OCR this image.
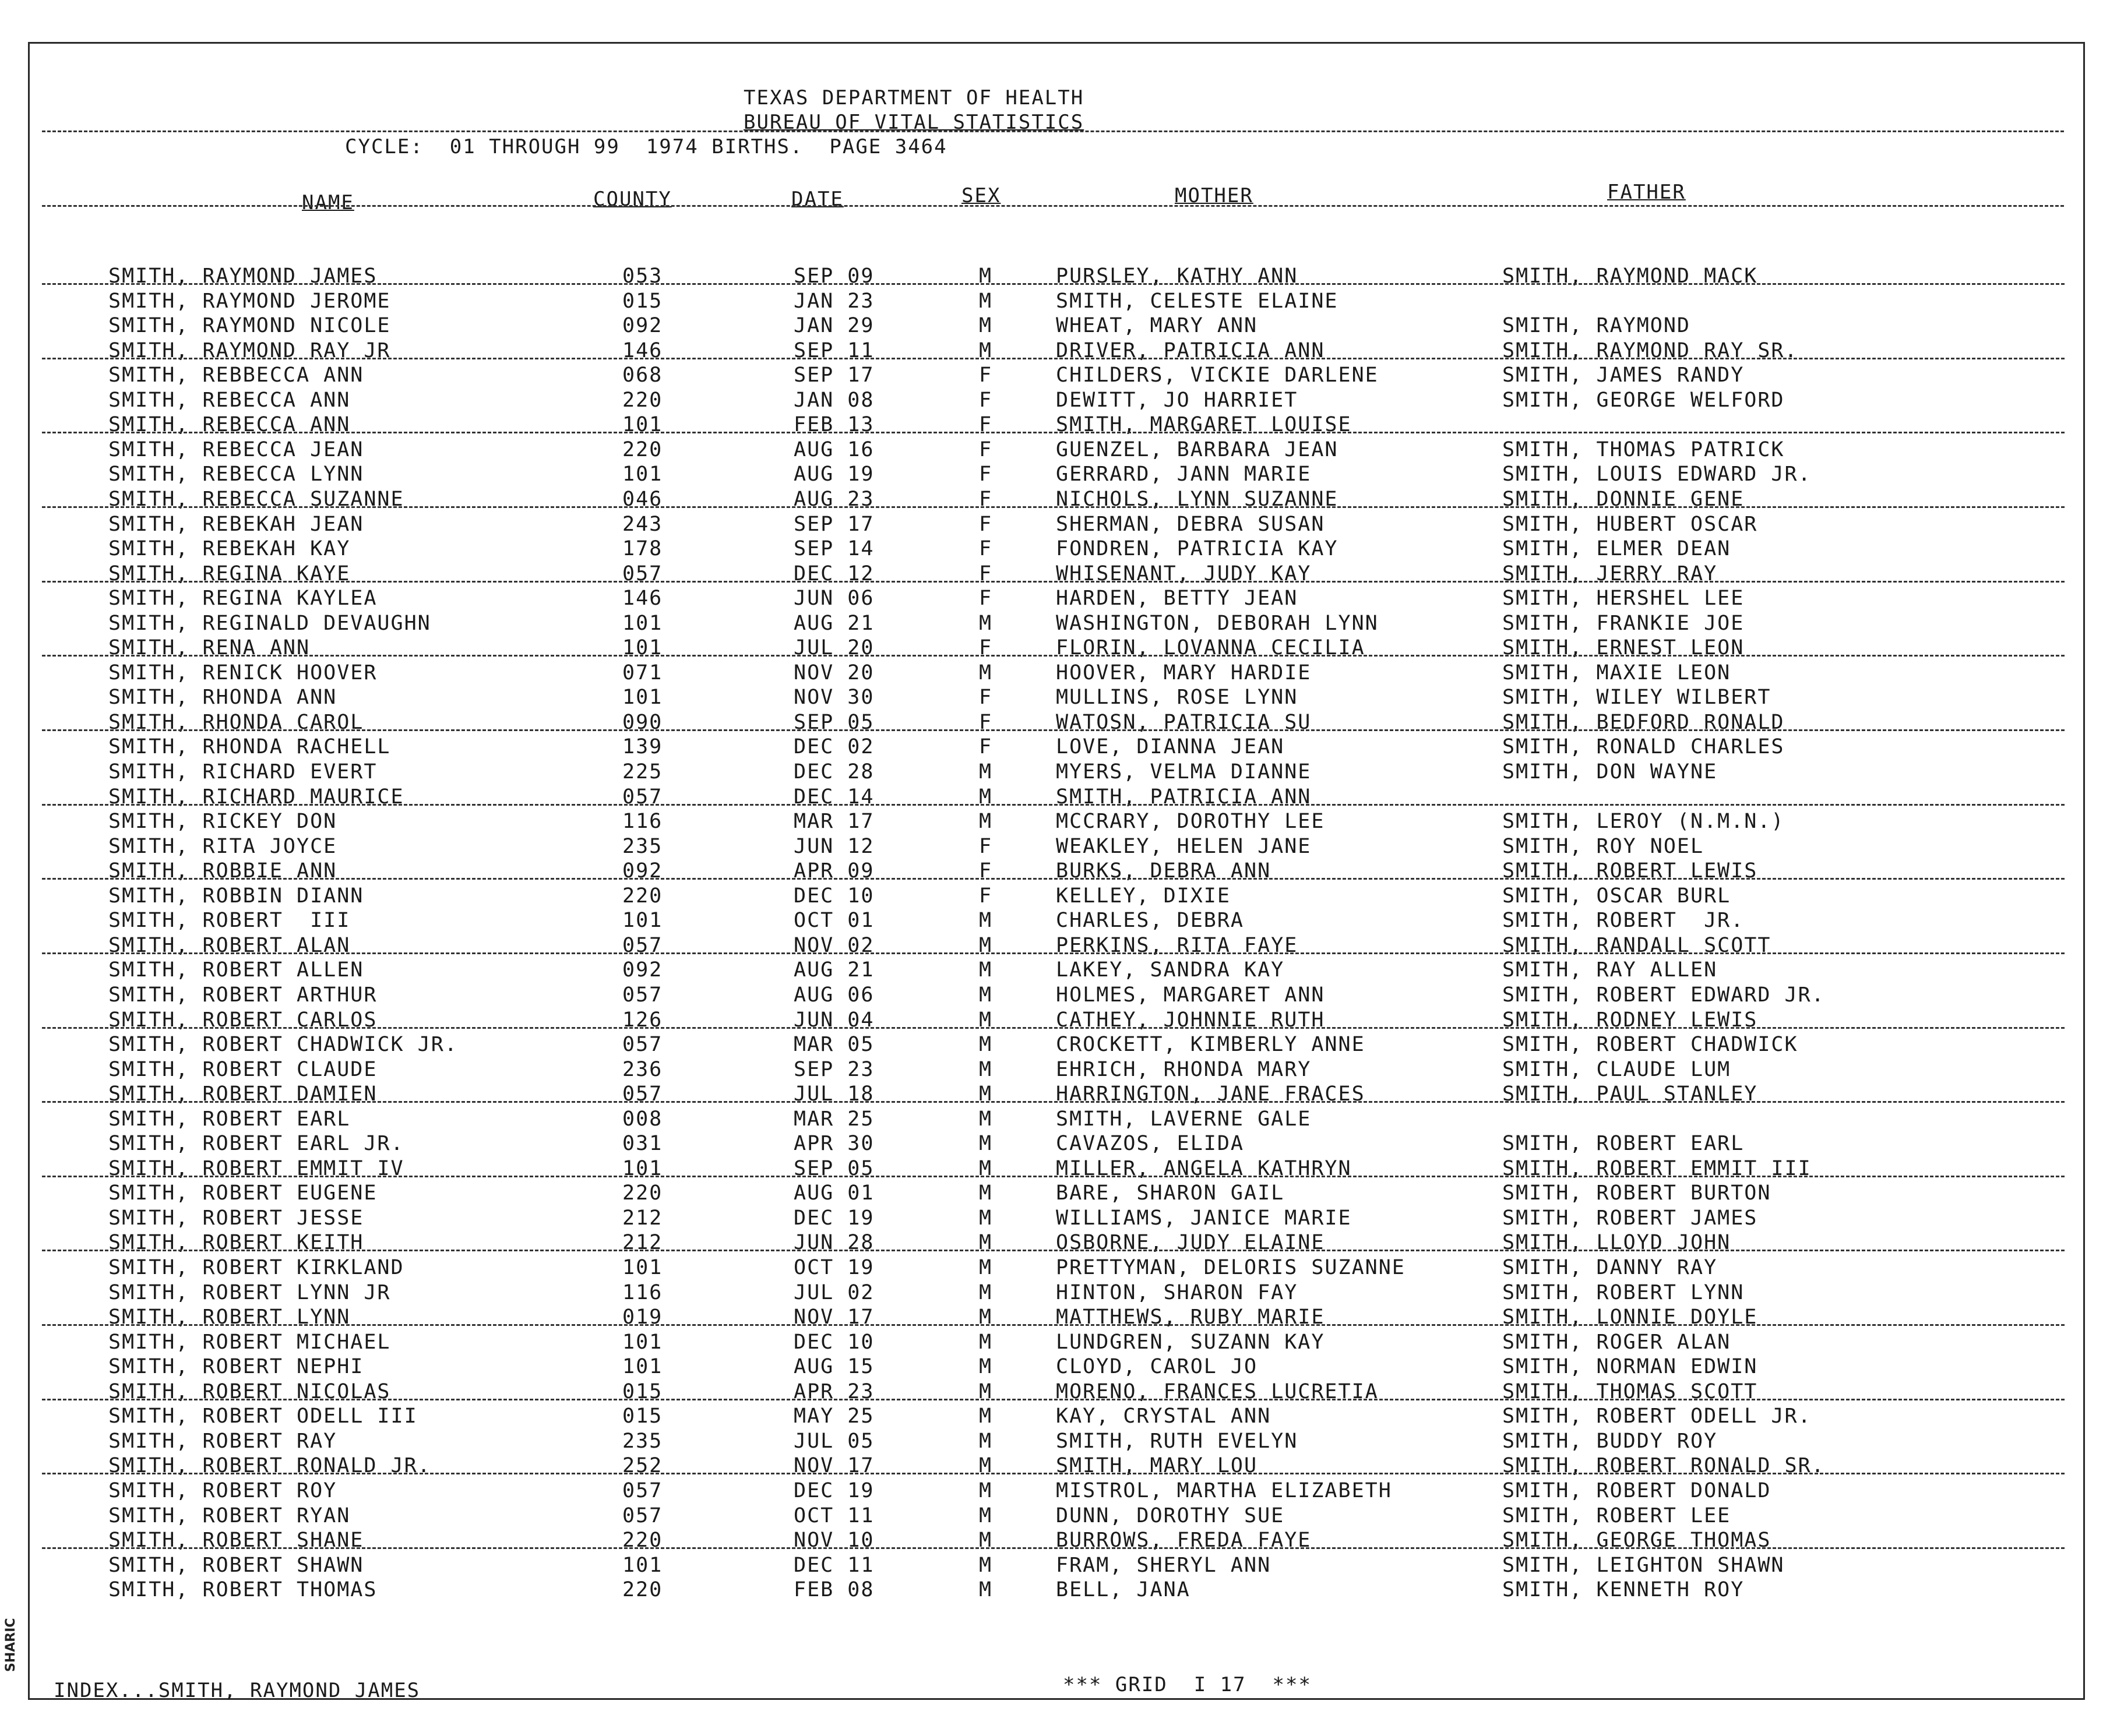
SHARIC
TEXAS DEPARTMENT OF HEALTH
BUREAU OF VITAL STATISTICS
CYCLE:  01 THROUGH 99  1974 BIRTHS.  PAGE 3464
NAME	COUNTY	DATE	SEX	MOTHER	FATHER
SMITH, RAYMOND JAMES	053	SEP 09	M	PURSLEY, KATHY ANN	SMITH, RAYMOND MACK
SMITH, RAYMOND JEROME	015	JAN 23	M	SMITH, CELESTE ELAINE
SMITH, RAYMOND NICOLE	092	JAN 29	M	WHEAT, MARY ANN	SMITH, RAYMOND
SMITH, RAYMOND RAY JR	146	SEP 11	M	DRIVER, PATRICIA ANN	SMITH, RAYMOND RAY SR.
SMITH, REBBECCA ANN	068	SEP 17	F	CHILDERS, VICKIE DARLENE	SMITH, JAMES RANDY
SMITH, REBECCA ANN	220	JAN 08	F	DEWITT, JO HARRIET	SMITH, GEORGE WELFORD
SMITH, REBECCA ANN	101	FEB 13	F	SMITH, MARGARET LOUISE
SMITH, REBECCA JEAN	220	AUG 16	F	GUENZEL, BARBARA JEAN	SMITH, THOMAS PATRICK
SMITH, REBECCA LYNN	101	AUG 19	F	GERRARD, JANN MARIE	SMITH, LOUIS EDWARD JR.
SMITH, REBECCA SUZANNE	046	AUG 23	F	NICHOLS, LYNN SUZANNE	SMITH, DONNIE GENE
SMITH, REBEKAH JEAN	243	SEP 17	F	SHERMAN, DEBRA SUSAN	SMITH, HUBERT OSCAR
SMITH, REBEKAH KAY	178	SEP 14	F	FONDREN, PATRICIA KAY	SMITH, ELMER DEAN
SMITH, REGINA KAYE	057	DEC 12	F	WHISENANT, JUDY KAY	SMITH, JERRY RAY
SMITH, REGINA KAYLEA	146	JUN 06	F	HARDEN, BETTY JEAN	SMITH, HERSHEL LEE
SMITH, REGINALD DEVAUGHN	101	AUG 21	M	WASHINGTON, DEBORAH LYNN	SMITH, FRANKIE JOE
SMITH, RENA ANN	101	JUL 20	F	FLORIN, LOVANNA CECILIA	SMITH, ERNEST LEON
SMITH, RENICK HOOVER	071	NOV 20	M	HOOVER, MARY HARDIE	SMITH, MAXIE LEON
SMITH, RHONDA ANN	101	NOV 30	F	MULLINS, ROSE LYNN	SMITH, WILEY WILBERT
SMITH, RHONDA CAROL	090	SEP 05	F	WATOSN, PATRICIA SU	SMITH, BEDFORD RONALD
SMITH, RHONDA RACHELL	139	DEC 02	F	LOVE, DIANNA JEAN	SMITH, RONALD CHARLES
SMITH, RICHARD EVERT	225	DEC 28	M	MYERS, VELMA DIANNE	SMITH, DON WAYNE
SMITH, RICHARD MAURICE	057	DEC 14	M	SMITH, PATRICIA ANN
SMITH, RICKEY DON	116	MAR 17	M	MCCRARY, DOROTHY LEE	SMITH, LEROY (N.M.N.)
SMITH, RITA JOYCE	235	JUN 12	F	WEAKLEY, HELEN JANE	SMITH, ROY NOEL
SMITH, ROBBIE ANN	092	APR 09	F	BURKS, DEBRA ANN	SMITH, ROBERT LEWIS
SMITH, ROBBIN DIANN	220	DEC 10	F	KELLEY, DIXIE	SMITH, OSCAR BURL
SMITH, ROBERT  III	101	OCT 01	M	CHARLES, DEBRA	SMITH, ROBERT  JR.
SMITH, ROBERT ALAN	057	NOV 02	M	PERKINS, RITA FAYE	SMITH, RANDALL SCOTT
SMITH, ROBERT ALLEN	092	AUG 21	M	LAKEY, SANDRA KAY	SMITH, RAY ALLEN
SMITH, ROBERT ARTHUR	057	AUG 06	M	HOLMES, MARGARET ANN	SMITH, ROBERT EDWARD JR.
SMITH, ROBERT CARLOS	126	JUN 04	M	CATHEY, JOHNNIE RUTH	SMITH, RODNEY LEWIS
SMITH, ROBERT CHADWICK JR.	057	MAR 05	M	CROCKETT, KIMBERLY ANNE	SMITH, ROBERT CHADWICK
SMITH, ROBERT CLAUDE	236	SEP 23	M	EHRICH, RHONDA MARY	SMITH, CLAUDE LUM
SMITH, ROBERT DAMIEN	057	JUL 18	M	HARRINGTON, JANE FRACES	SMITH, PAUL STANLEY
SMITH, ROBERT EARL	008	MAR 25	M	SMITH, LAVERNE GALE
SMITH, ROBERT EARL JR.	031	APR 30	M	CAVAZOS, ELIDA	SMITH, ROBERT EARL
SMITH, ROBERT EMMIT IV	101	SEP 05	M	MILLER, ANGELA KATHRYN	SMITH, ROBERT EMMIT III
SMITH, ROBERT EUGENE	220	AUG 01	M	BARE, SHARON GAIL	SMITH, ROBERT BURTON
SMITH, ROBERT JESSE	212	DEC 19	M	WILLIAMS, JANICE MARIE	SMITH, ROBERT JAMES
SMITH, ROBERT KEITH	212	JUN 28	M	OSBORNE, JUDY ELAINE	SMITH, LLOYD JOHN
SMITH, ROBERT KIRKLAND	101	OCT 19	M	PRETTYMAN, DELORIS SUZANNE	SMITH, DANNY RAY
SMITH, ROBERT LYNN JR	116	JUL 02	M	HINTON, SHARON FAY	SMITH, ROBERT LYNN
SMITH, ROBERT LYNN	019	NOV 17	M	MATTHEWS, RUBY MARIE	SMITH, LONNIE DOYLE
SMITH, ROBERT MICHAEL	101	DEC 10	M	LUNDGREN, SUZANN KAY	SMITH, ROGER ALAN
SMITH, ROBERT NEPHI	101	AUG 15	M	CLOYD, CAROL JO	SMITH, NORMAN EDWIN
SMITH, ROBERT NICOLAS	015	APR 23	M	MORENO, FRANCES LUCRETIA	SMITH, THOMAS SCOTT
SMITH, ROBERT ODELL III	015	MAY 25	M	KAY, CRYSTAL ANN	SMITH, ROBERT ODELL JR.
SMITH, ROBERT RAY	235	JUL 05	M	SMITH, RUTH EVELYN	SMITH, BUDDY ROY
SMITH, ROBERT RONALD JR.	252	NOV 17	M	SMITH, MARY LOU	SMITH, ROBERT RONALD SR.
SMITH, ROBERT ROY	057	DEC 19	M	MISTROL, MARTHA ELIZABETH	SMITH, ROBERT DONALD
SMITH, ROBERT RYAN	057	OCT 11	M	DUNN, DOROTHY SUE	SMITH, ROBERT LEE
SMITH, ROBERT SHANE	220	NOV 10	M	BURROWS, FREDA FAYE	SMITH, GEORGE THOMAS
SMITH, ROBERT SHAWN	101	DEC 11	M	FRAM, SHERYL ANN	SMITH, LEIGHTON SHAWN
SMITH, ROBERT THOMAS	220	FEB 08	M	BELL, JANA	SMITH, KENNETH ROY
INDEX...SMITH, RAYMOND JAMES	*** GRID  I 17  ***
